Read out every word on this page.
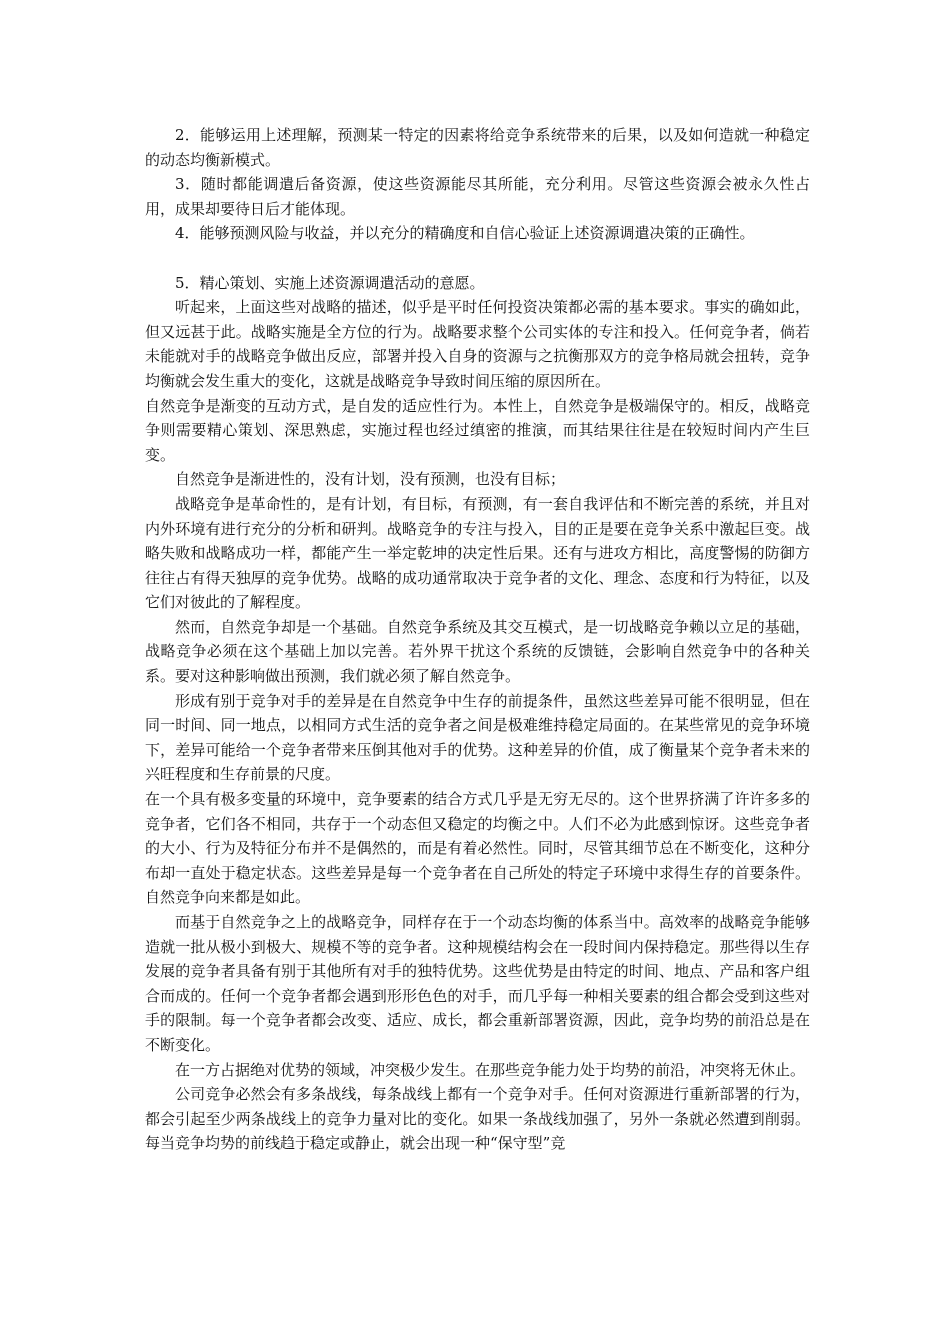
2．能够运用上述理解，预测某一特定的因素将给竞争系统带来的后果，以及如何造就一种稳定的动态均衡新模式。

3．随时都能调遣后备资源，使这些资源能尽其所能，充分利用。尽管这些资源会被永久性占用，成果却要待日后才能体现。

4．能够预测风险与收益，并以充分的精确度和自信心验证上述资源调遣决策的正确性。

5．精心策划、实施上述资源调遣活动的意愿。

听起来，上面这些对战略的描述，似乎是平时任何投资决策都必需的基本要求。事实的确如此，但又远甚于此。战略实施是全方位的行为。战略要求整个公司实体的专注和投入。任何竞争者，倘若未能就对手的战略竞争做出反应，部署并投入自身的资源与之抗衡那双方的竞争格局就会扭转，竞争均衡就会发生重大的变化，这就是战略竞争导致时间压缩的原因所在。

自然竞争是渐变的互动方式，是自发的适应性行为。本性上，自然竞争是极端保守的。相反，战略竞争则需要精心策划、深思熟虑，实施过程也经过缜密的推演，而其结果往往是在较短时间内产生巨变。

自然竞争是渐进性的，没有计划，没有预测，也没有目标；

战略竞争是革命性的，是有计划，有目标，有预测，有一套自我评估和不断完善的系统，并且对内外环境有进行充分的分析和研判。战略竞争的专注与投入，目的正是要在竞争关系中激起巨变。战略失败和战略成功一样，都能产生一举定乾坤的决定性后果。还有与进攻方相比，高度警惕的防御方往往占有得天独厚的竞争优势。战略的成功通常取决于竞争者的文化、理念、态度和行为特征，以及它们对彼此的了解程度。

然而，自然竞争却是一个基础。自然竞争系统及其交互模式，是一切战略竞争赖以立足的基础，战略竞争必须在这个基础上加以完善。若外界干扰这个系统的反馈链，会影响自然竞争中的各种关系。要对这种影响做出预测，我们就必须了解自然竞争。

形成有别于竞争对手的差异是在自然竞争中生存的前提条件，虽然这些差异可能不很明显，但在同一时间、同一地点，以相同方式生活的竞争者之间是极难维持稳定局面的。在某些常见的竞争环境下，差异可能给一个竞争者带来压倒其他对手的优势。这种差异的价值，成了衡量某个竞争者未来的兴旺程度和生存前景的尺度。

在一个具有极多变量的环境中，竞争要素的结合方式几乎是无穷无尽的。这个世界挤满了许许多多的竞争者，它们各不相同，共存于一个动态但又稳定的均衡之中。人们不必为此感到惊讶。这些竞争者的大小、行为及特征分布并不是偶然的，而是有着必然性。同时，尽管其细节总在不断变化，这种分布却一直处于稳定状态。这些差异是每一个竞争者在自己所处的特定子环境中求得生存的首要条件。自然竞争向来都是如此。

而基于自然竞争之上的战略竞争，同样存在于一个动态均衡的体系当中。高效率的战略竞争能够造就一批从极小到极大、规模不等的竞争者。这种规模结构会在一段时间内保持稳定。那些得以生存发展的竞争者具备有别于其他所有对手的独特优势。这些优势是由特定的时间、地点、产品和客户组合而成的。任何一个竞争者都会遇到形形色色的对手，而几乎每一种相关要素的组合都会受到这些对手的限制。每一个竞争者都会改变、适应、成长，都会重新部署资源，因此，竞争均势的前沿总是在不断变化。

在一方占据绝对优势的领域，冲突极少发生。在那些竞争能力处于均势的前沿，冲突将无休止。

公司竞争必然会有多条战线，每条战线上都有一个竞争对手。任何对资源进行重新部署的行为，都会引起至少两条战线上的竞争力量对比的变化。如果一条战线加强了，另外一条就必然遭到削弱。每当竞争均势的前线趋于稳定或静止，就会出现一种“保守型”竞
